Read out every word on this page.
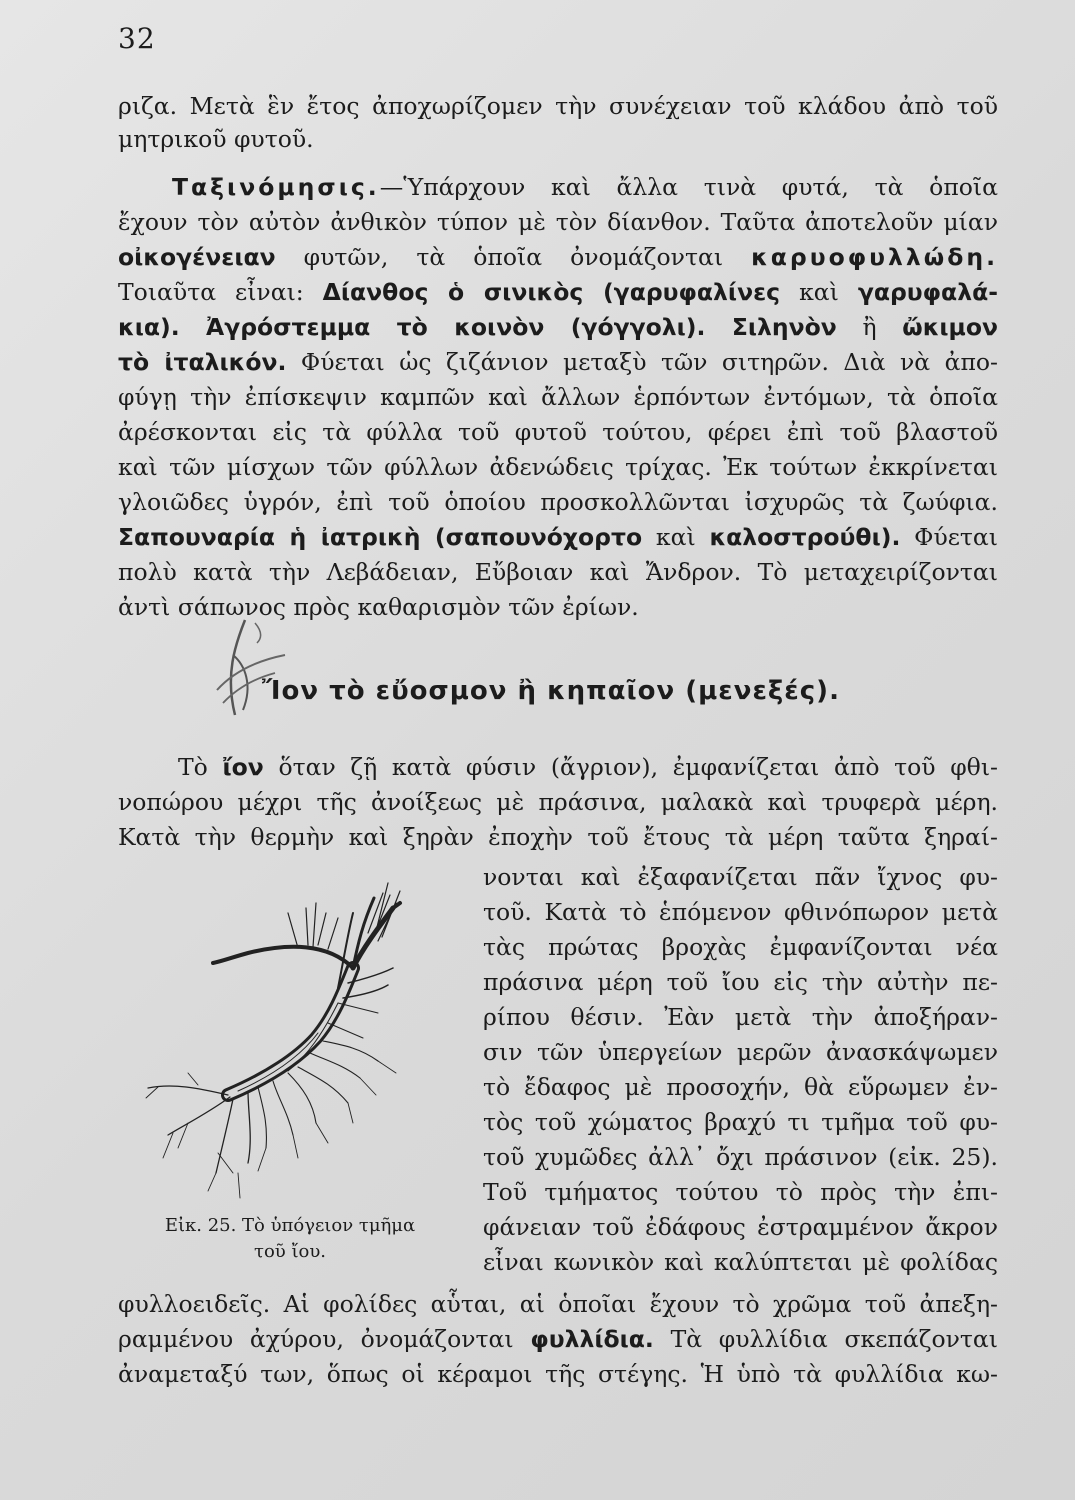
32

ριζα. Μετὰ ἓν ἔτος ἀποχωρίζομεν τὴν συνέχειαν τοῦ κλάδου ἀπὸ τοῦ

μητρικοῦ φυτοῦ.

Ταξινόμησις.—Ὑπάρχουν καὶ ἄλλα τινὰ φυτά, τὰ ὁποῖα

ἔχουν τὸν αὐτὸν ἀνθικὸν τύπον μὲ τὸν δίανθον. Ταῦτα ἀποτελοῦν μίαν

οἰκογένειαν φυτῶν, τὰ ὁποῖα ὀνομάζονται καρυοφυλλώδη.

Τοιαῦτα εἶναι: Δίανθος ὁ σινικὸς (γαρυφαλίνες καὶ γαρυφαλά-

κια). Ἀγρόστεμμα τὸ κοινὸν (γόγγολι). Σιληνὸν ἢ ὤκιμον

τὸ ἰταλικόν. Φύεται ὡς ζιζάνιον μεταξὺ τῶν σιτηρῶν. Διὰ νὰ ἀπο-

φύγῃ τὴν ἐπίσκεψιν καμπῶν καὶ ἄλλων ἑρπόντων ἐντόμων, τὰ ὁποῖα

ἀρέσκονται εἰς τὰ φύλλα τοῦ φυτοῦ τούτου, φέρει ἐπὶ τοῦ βλαστοῦ

καὶ τῶν μίσχων τῶν φύλλων ἀδενώδεις τρίχας. Ἐκ τούτων ἐκκρίνεται

γλοιῶδες ὑγρόν, ἐπὶ τοῦ ὁποίου προσκολλῶνται ἰσχυρῶς τὰ ζωύφια.

Σαπουναρία ἡ ἰατρικὴ (σαπουνόχορτο καὶ καλοστρούθι). Φύεται

πολὺ κατὰ τὴν Λεβάδειαν, Εὔβοιαν καὶ Ἄνδρον. Τὸ μεταχειρίζονται

ἀντὶ σάπωνος πρὸς καθαρισμὸν τῶν ἐρίων.

Ἴον τὸ εὔοσμον ἢ κηπαῖον (μενεξές).

Τὸ ἴον ὅταν ζῇ κατὰ φύσιν (ἄγριον), ἐμφανίζεται ἀπὸ τοῦ φθι-

νοπώρου μέχρι τῆς ἀνοίξεως μὲ πράσινα, μαλακὰ καὶ τρυφερὰ μέρη.

Κατὰ τὴν θερμὴν καὶ ξηρὰν ἐποχὴν τοῦ ἔτους τὰ μέρη ταῦτα ξηραί-

νονται καὶ ἐξαφανίζεται πᾶν ἴχνος φυ-

τοῦ. Κατὰ τὸ ἑπόμενον φθινόπωρον μετὰ

τὰς πρώτας βροχὰς ἐμφανίζονται νέα

πράσινα μέρη τοῦ ἴου εἰς τὴν αὐτὴν πε-

ρίπου θέσιν. Ἐὰν μετὰ τὴν ἀποξήραν-

σιν τῶν ὑπεργείων μερῶν ἀνασκάψωμεν

τὸ ἔδαφος μὲ προσοχήν, θὰ εὕρωμεν ἐν-

τὸς τοῦ χώματος βραχύ τι τμῆμα τοῦ φυ-

τοῦ χυμῶδες ἀλλ᾽ ὄχι πράσινον (εἰκ. 25).

Τοῦ τμήματος τούτου τὸ πρὸς τὴν ἐπι-

φάνειαν τοῦ ἐδάφους ἐστραμμένον ἄκρον

εἶναι κωνικὸν καὶ καλύπτεται μὲ φολίδας

φυλλοειδεῖς. Αἱ φολίδες αὗται, αἱ ὁποῖαι ἔχουν τὸ χρῶμα τοῦ ἀπεξη-

ραμμένου ἀχύρου, ὀνομάζονται φυλλίδια. Τὰ φυλλίδια σκεπάζονται

ἀναμεταξύ των, ὅπως οἱ κέραμοι τῆς στέγης. Ἡ ὑπὸ τὰ φυλλίδια κω-

Εἰκ. 25. Τὸ ὑπόγειον τμῆμα
τοῦ ἴου.
